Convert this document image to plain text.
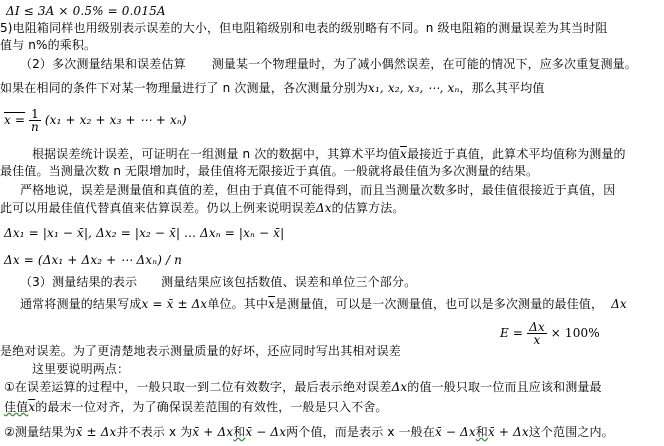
ΔI ≤ 3A × 0.5% = 0.015A
5)电阻箱同样也用级别表示误差的大小，但电阻箱级别和电表的级别略有不同。n 级电阻箱的测量误差为其当时阻
值与 n%的乘积。
（2）多次测量结果和误差估算 测量某一个物理量时，为了减小偶然误差，在可能的情况下，应多次重复测量。
如果在相同的条件下对某一物理量进行了 n 次测量，各次测量分别为x₁, x₂, x₃, ⋯, xₙ，那么其平均值
$x = \frac{1}{n} (x_1 + x_2 + x_3$ + ⋯ + xₙ)
根据误差统计误差，可证明在一组测量 n 次的数据中，其算术平均值$\overline{x}$最接近于真值，此算术平均值称为测量的
最佳值。当测量次数 n 无限增加时，最佳值将无限接近于真值。一般就将最佳值为多次测量的结果。
严格地说，误差是测量值和真值的差，但由于真值不可能得到，而且当测量次数多时，最佳值很接近于真值，因
此可以用最佳值代替真值来估算误差。仍以上例来说明误差Δx的估算方法。
Δx₁ = |x₁ − x̄|, Δx₂ = |x₂ − x̄| ... Δxₙ = |xₙ − x̄|
Δx = (Δx₁ + Δx₂ + ⋯ Δxₙ) / n
（3）测量结果的表示 测量结果应该包括数值、误差和单位三个部分。
通常将测量的结果写成x = x̄ ± Δx单位。其中$\overline{x}$是测量值，可以是一次测量值，也可以是多次测量的最佳值， Δx
$E = \frac{\Delta x}{x} \times 100\%$
是绝对误差。为了更清楚地表示测量质量的好坏，还应同时写出其相对误差
这里要说明两点：
①在误差运算的过程中，一般只取一到二位有效数字，最后表示绝对误差Δx的值一般只取一位而且应该和测量最
佳值$\overline{x}$的最末一位对齐，为了确保误差范围的有效性，一般是只入不舍。
②测量结果为x̄ ± Δx并不表示 x 为x̄ + Δx和x̄ − Δx两个值，而是表示 x 一般在x̄ − Δx和x̄ + Δx这个范围之内。
